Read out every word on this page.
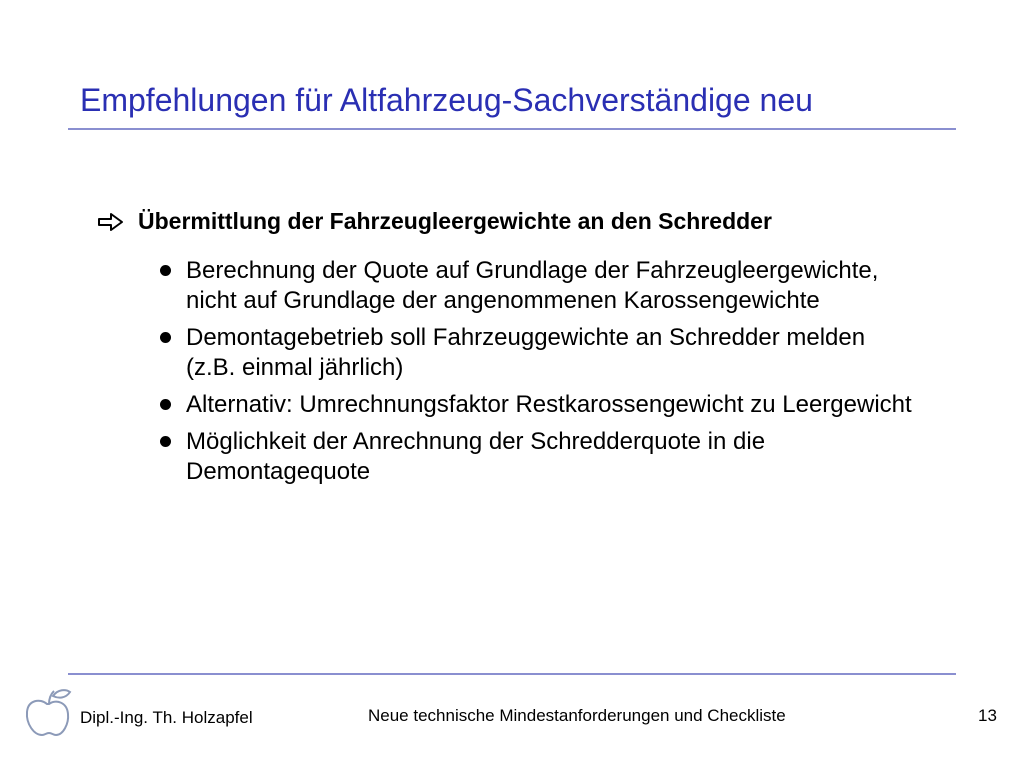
Empfehlungen für Altfahrzeug-Sachverständige neu
Übermittlung der Fahrzeugleergewichte an den Schredder
Berechnung der Quote auf Grundlage der Fahrzeugleergewichte, nicht auf Grundlage der angenommenen Karossengewichte
Demontagebetrieb soll Fahrzeuggewichte an Schredder melden (z.B. einmal jährlich)
Alternativ: Umrechnungsfaktor Restkarossengewicht zu Leergewicht
Möglichkeit der Anrechnung der Schredderquote in die Demontagequote
Dipl.-Ing. Th. Holzapfel	Neue technische Mindestanforderungen und Checkliste	13
